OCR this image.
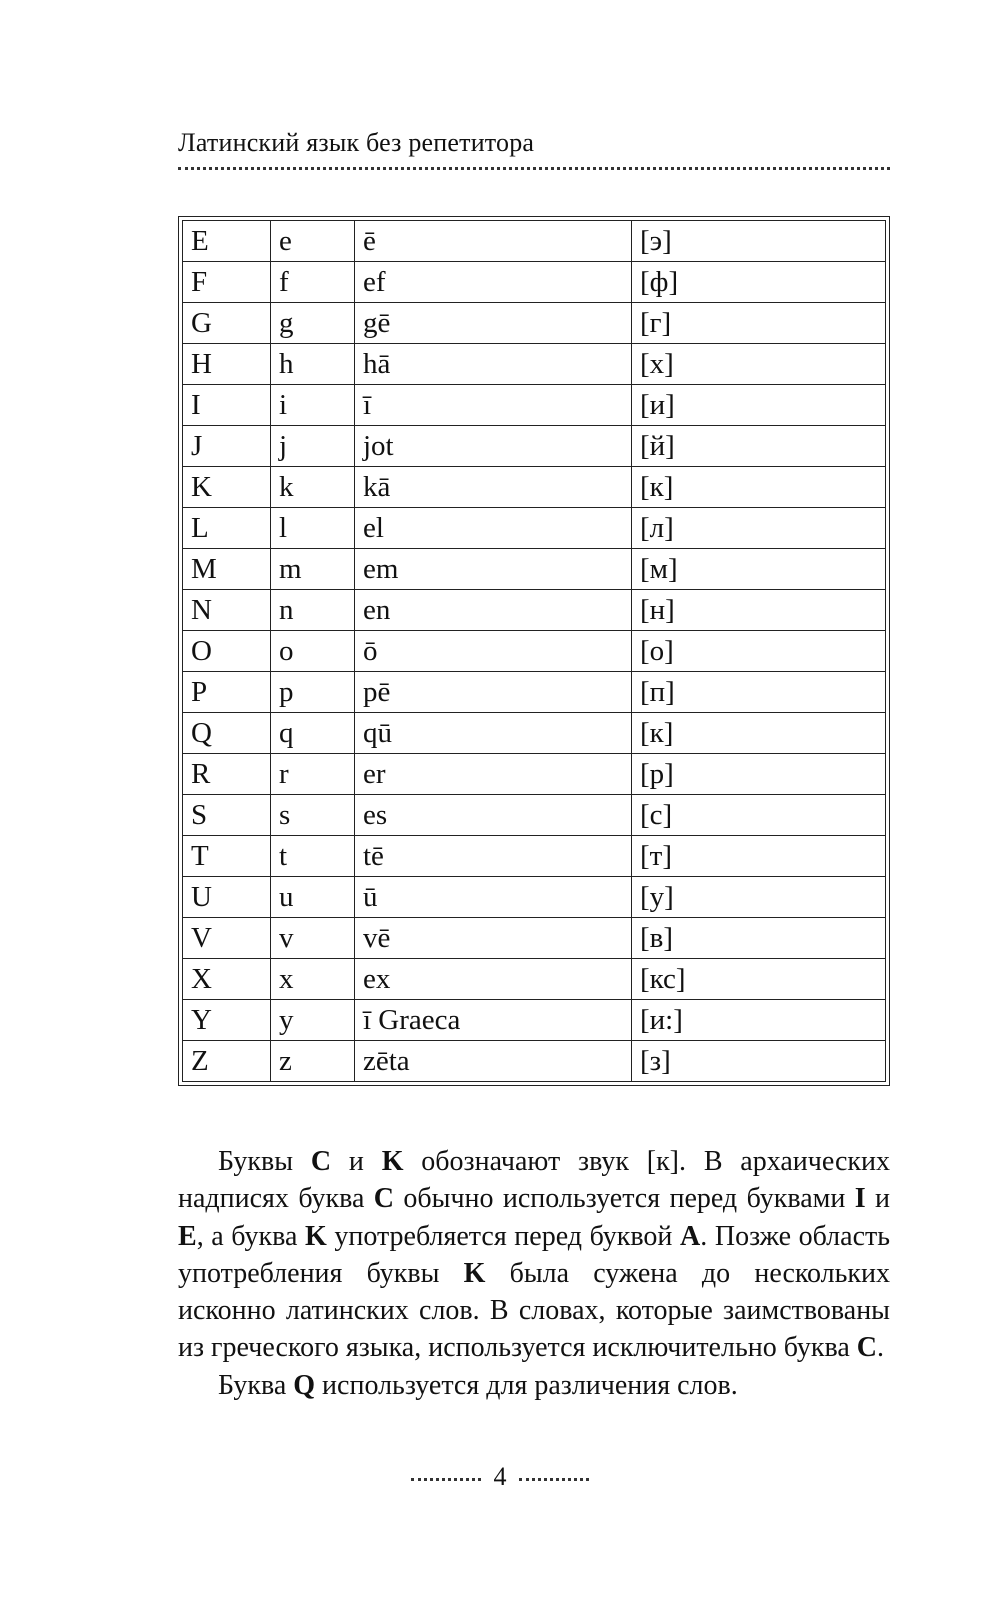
Латинский язык без репетитора
E	e	ē	[э]
F	f	ef	[ф]
G	g	gē	[г]
H	h	hā	[х]
I	i	ī	[и]
J	j	jot	[й]
K	k	kā	[к]
L	l	el	[л]
M	m	em	[м]
N	n	en	[н]
O	o	ō	[о]
P	p	pē	[п]
Q	q	qū	[к]
R	r	er	[р]
S	s	es	[с]
T	t	tē	[т]
U	u	ū	[у]
V	v	vē	[в]
X	x	ex	[кс]
Y	y	ī Graeca	[и:]
Z	z	zēta	[з]

Буквы C и K обозначают звук [к]. В архаических надписях буква C обычно используется перед буквами I и E, а буква K употребляется перед буквой A. Позже область употребления буквы K была сужена до нескольких исконно латинских слов. В словах, которые заимствованы из греческого языка, используется исключительно буква C.

Буква Q используется для различения слов.

4
